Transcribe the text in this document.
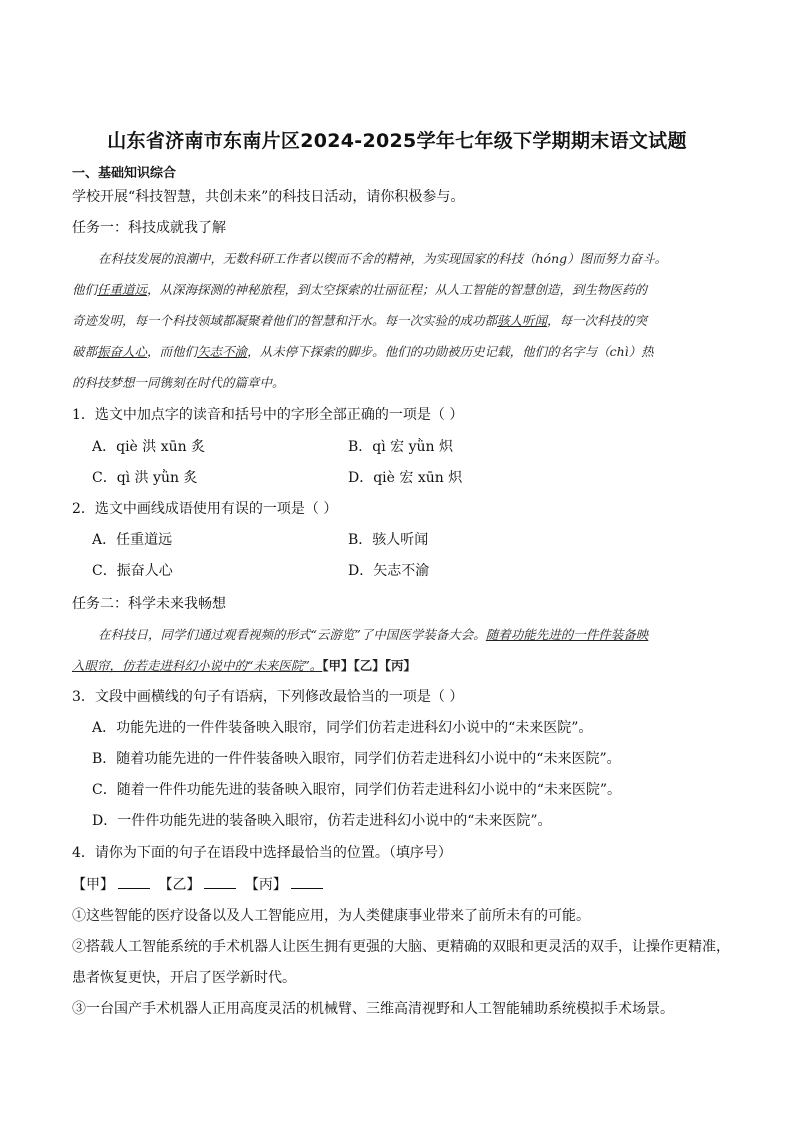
山东省济南市东南片区2024-2025学年七年级下学期期末语文试题
一、基础知识综合
学校开展“科技智慧，共创未来”的科技日活动，请你积极参与。
任务一：科技成就我了解
在科技发展的浪潮中，无数科研工作者以锲而不舍的精神，为实现国家的科技（hóng）图而努力奋斗。
他们任重道远，从深海探测的神秘旅程，到太空探索的壮丽征程；从人工智能的智慧创造，到生物医药的
奇迹发明，每一个科技领域都凝聚着他们的智慧和汗水。每一次实验的成功都骇人听闻，每一次科技的突
破都振奋人心，而他们矢志不渝，从未停下探索的脚步。他们的功勋被历史记载，他们的名字与（chì）热
的科技梦想一同镌刻在时代的篇章中。
1．选文中加点字的读音和括号中的字形全部正确的一项是（ ）
A．qiè 洪 xūn 炙	B．qì 宏 yǜn 炽
C．qì 洪 yǜn 炙	D．qiè 宏 xūn 炽
2．选文中画线成语使用有误的一项是（ ）
A．任重道远	B．骇人听闻
C．振奋人心	D．矢志不渝
任务二：科学未来我畅想
在科技日，同学们通过观看视频的形式“云游览”了中国医学装备大会。随着功能先进的一件件装备映
入眼帘，仿若走进科幻小说中的“未来医院”。【甲】【乙】【丙】
3．文段中画横线的句子有语病，下列修改最恰当的一项是（ ）
A．功能先进的一件件装备映入眼帘，同学们仿若走进科幻小说中的“未来医院”。
B．随着功能先进的一件件装备映入眼帘，同学们仿若走进科幻小说中的“未来医院”。
C．随着一件件功能先进的装备映入眼帘，同学们仿若走进科幻小说中的“未来医院”。
D．一件件功能先进的装备映入眼帘，仿若走进科幻小说中的“未来医院”。
4．请你为下面的句子在语段中选择最恰当的位置。（填序号）
【甲】	【乙】	【丙】
①这些智能的医疗设备以及人工智能应用，为人类健康事业带来了前所未有的可能。
②搭载人工智能系统的手术机器人让医生拥有更强的大脑、更精确的双眼和更灵活的双手，让操作更精准，
患者恢复更快，开启了医学新时代。
③一台国产手术机器人正用高度灵活的机械臂、三维高清视野和人工智能辅助系统模拟手术场景。
